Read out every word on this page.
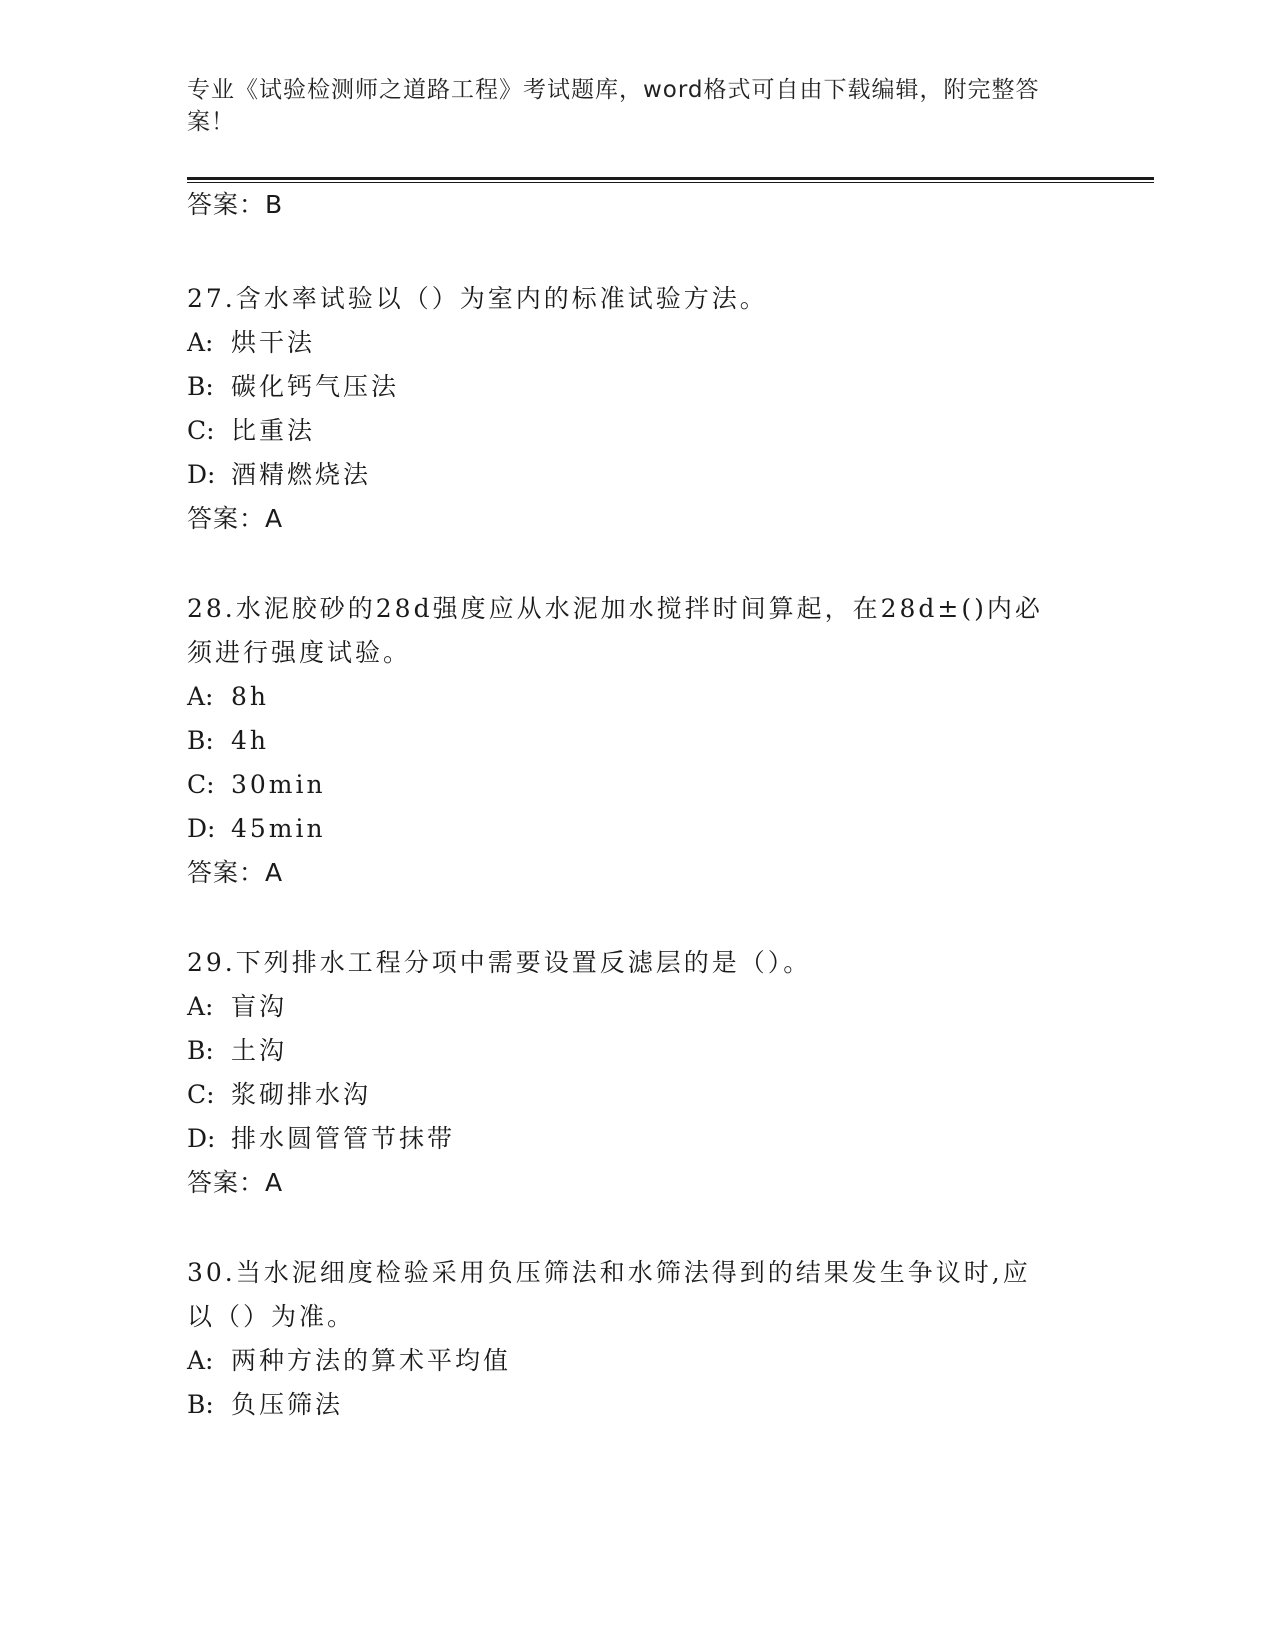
专业《试验检测师之道路工程》考试题库，word格式可自由下载编辑，附完整答
案！
答案：B
27.含水率试验以（）为室内的标准试验方法。
A: 烘干法
B: 碳化钙气压法
C: 比重法
D: 酒精燃烧法
答案：A
28.水泥胶砂的28d强度应从水泥加水搅拌时间算起，在28d±()内必
须进行强度试验。
A: 8h
B: 4h
C: 30min
D: 45min
答案：A
29.下列排水工程分项中需要设置反滤层的是（）。
A: 盲沟
B: 土沟
C: 浆砌排水沟
D: 排水圆管管节抹带
答案：A
30.当水泥细度检验采用负压筛法和水筛法得到的结果发生争议时,应
以（）为准。
A: 两种方法的算术平均值
B: 负压筛法
